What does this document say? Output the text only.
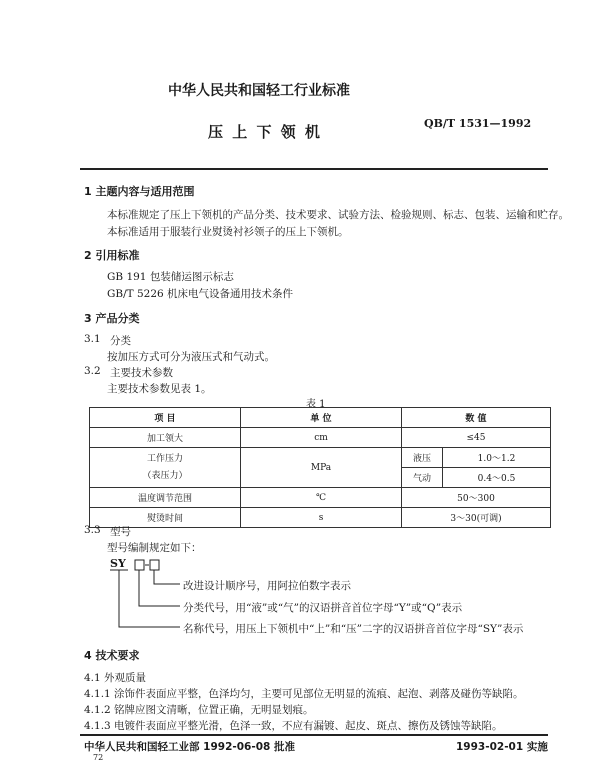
中华人民共和国轻工行业标准
压 上 下 领 机	QB/T 1531—1992
1 主题内容与适用范围
本标准规定了压上下领机的产品分类、技术要求、试验方法、检验规则、标志、包装、运输和贮存。
本标准适用于服装行业熨烫衬衫领子的压上下领机。
2 引用标准
GB 191 包装储运图示标志
GB/T 5226 机床电气设备通用技术条件
3 产品分类
3.1 分类
按加压方式可分为液压式和气动式。
3.2 主要技术参数
主要技术参数见表 1。
表 1
项 目	单 位	数 值	
加工领大	cm	≤45	

工作压力
（表压力）	MPa	液压	1.0～1.2
		气动	0.4～0.5
温度调节范围	℃	50～300	
熨烫时间	s	3～30(可调)	
3.3 型号
型号编制规定如下：
SY
改进设计顺序号，用阿拉伯数字表示
分类代号，用“液”或“气”的汉语拼音首位字母“Y”或“Q”表示
名称代号，用压上下领机中“上”和“压”二字的汉语拼音首位字母“SY”表示
4 技术要求
4.1 外观质量
4.1.1 涂饰件表面应平整，色泽均匀，主要可见部位无明显的流痕、起泡、剥落及碰伤等缺陷。
4.1.2 铭牌应图文清晰，位置正确，无明显划痕。
4.1.3 电镀件表面应平整光滑，色泽一致，不应有漏镀、起皮、斑点、擦伤及锈蚀等缺陷。
中华人民共和国轻工业部 1992-06-08 批准	1993-02-01 实施
72
